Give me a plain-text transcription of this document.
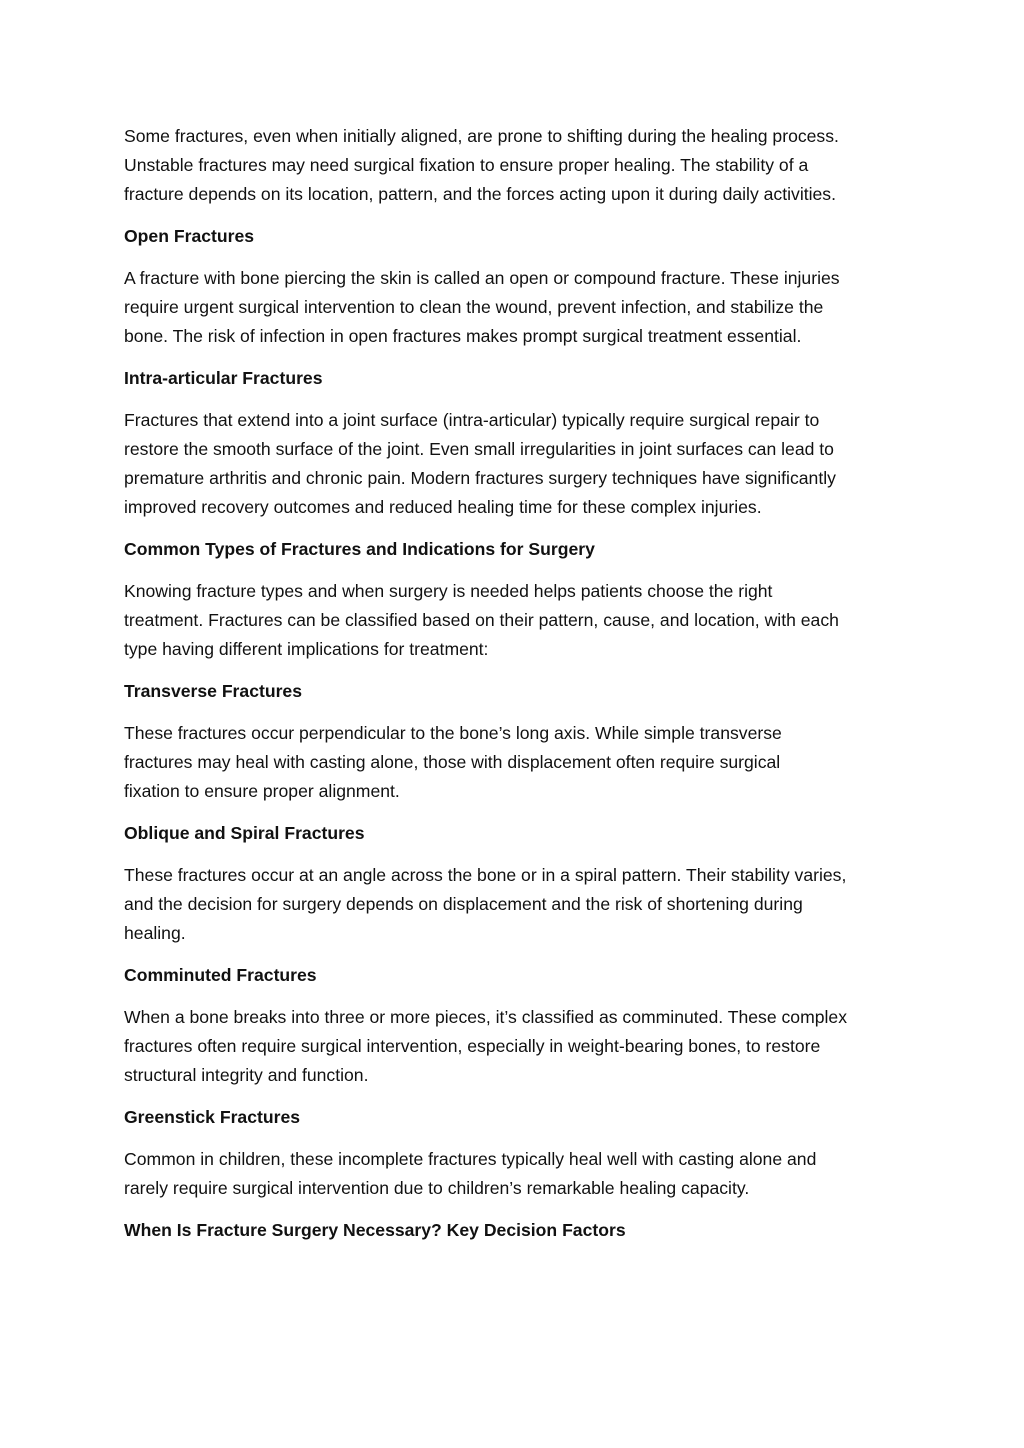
Some fractures, even when initially aligned, are prone to shifting during the healing process.
Unstable fractures may need surgical fixation to ensure proper healing. The stability of a
fracture depends on its location, pattern, and the forces acting upon it during daily activities.

Open Fractures

A fracture with bone piercing the skin is called an open or compound fracture. These injuries
require urgent surgical intervention to clean the wound, prevent infection, and stabilize the
bone. The risk of infection in open fractures makes prompt surgical treatment essential.

Intra-articular Fractures

Fractures that extend into a joint surface (intra-articular) typically require surgical repair to
restore the smooth surface of the joint. Even small irregularities in joint surfaces can lead to
premature arthritis and chronic pain. Modern fractures surgery techniques have significantly
improved recovery outcomes and reduced healing time for these complex injuries.

Common Types of Fractures and Indications for Surgery

Knowing fracture types and when surgery is needed helps patients choose the right
treatment. Fractures can be classified based on their pattern, cause, and location, with each
type having different implications for treatment:

Transverse Fractures

These fractures occur perpendicular to the bone’s long axis. While simple transverse
fractures may heal with casting alone, those with displacement often require surgical
fixation to ensure proper alignment.

Oblique and Spiral Fractures

These fractures occur at an angle across the bone or in a spiral pattern. Their stability varies,
and the decision for surgery depends on displacement and the risk of shortening during
healing.

Comminuted Fractures

When a bone breaks into three or more pieces, it’s classified as comminuted. These complex
fractures often require surgical intervention, especially in weight-bearing bones, to restore
structural integrity and function.

Greenstick Fractures

Common in children, these incomplete fractures typically heal well with casting alone and
rarely require surgical intervention due to children’s remarkable healing capacity.

When Is Fracture Surgery Necessary? Key Decision Factors
